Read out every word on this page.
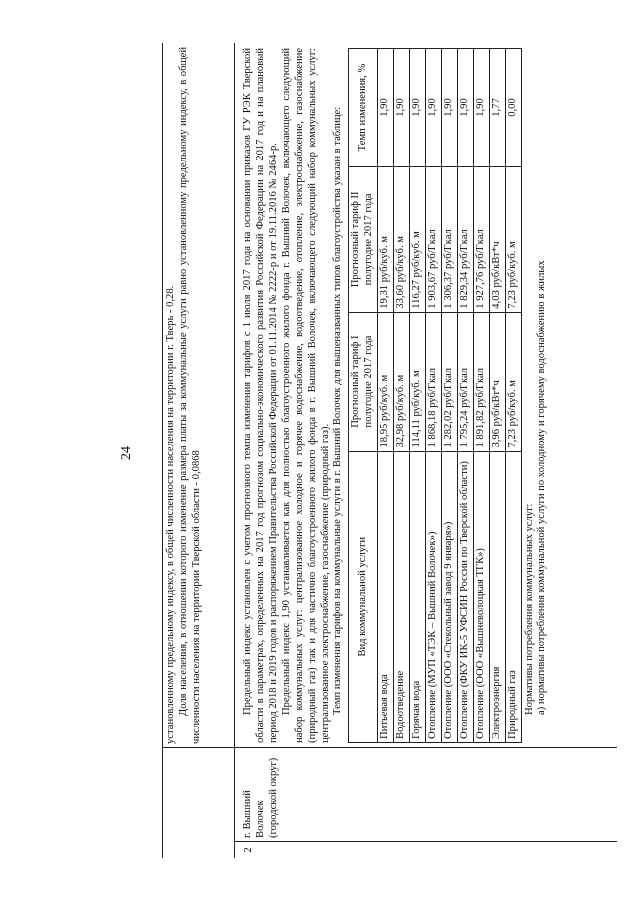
24	установленному предельному индексу, в общей численности населения на территории г. Тверь - 0,28. Доля населения, в отношении которого изменение размера платы за коммунальные услуги равно установленному предельному индексу, в общей численности населения на территории Тверской области - 0,0868

2
г. Вышний Волочек (городской округ)

Предельный индекс установлен с учетом прогнозного темпа изменения тарифов с 1 июля 2017 года на основании приказов ГУ РЭК Тверской области в параметрах, определенных на 2017 год прогнозом социально-экономического развития Российской Федерации на 2017 год и на плановый период 2018 и 2019 годов и распоряжением Правительства Российской Федерации от 01.11.2014 № 2222-р и от 19.11.2016 № 2464-р. Предельный индекс 1,90 устанавливается как для полностью благоустроенного жилого фонда г. Вышний Волочек, включающего следующий набор коммунальных услуг: централизованное холодное и горячее водоснабжение, водоотведение, отопление, электроснабжение, газоснабжение (природный газ) так и для частично благоустроенного жилого фонда в г. Вышний Волочек, включающего следующий набор коммунальных услуг: централизованное электроснабжение, газоснабжение (природный газ). Темп изменения тарифов на коммунальные услуги в г. Вышний Волочек для вышеназванных типов благоустройства указан в таблице: Вид коммунальной услуги	Прогнозный тариф I полугодие 2017 года	Прогнозный тариф II полугодие 2017 года	Темп изменения, %
Питьевая вода	18,95 руб/куб. м	19,31 руб/куб. м	1,90
Водоотведение	32,98 руб/куб. м	33,60 руб/куб. м	1,90
Горячая вода	114,11 руб/куб. м	116,27 руб/куб. м	1,90
Отопление (МУП «ТЭК – Вышний Волочек»)	1 868,18 руб/Гкал	1 903,67 руб/Гкал	1,90
Отопление (ООО «Стекольный завод 9 января»)	1 282,02 руб/Гкал	1 306,37 руб/Гкал	1,90
Отопление (ФКУ ИК-5 УФСИН России по Тверской области)	1 795,24 руб/Гкал	1 829,34 руб/Гкал	1,90
Отопление (ООО «Вышневолоцкая ТГК»)	1 891,82 руб/Гкал	1 927,76 руб/Гкал	1,90
Электроэнергия	3,96 руб/кВт*ч	4,03 руб/кВт*ч	1,77
Природный газ	7,23 руб/куб. м	7,23 руб/куб. м	0,00

Нормативы потребления коммунальных услуг: а) нормативы потребления коммунальной услуги по холодному и горячему водоснабжению в жилых
